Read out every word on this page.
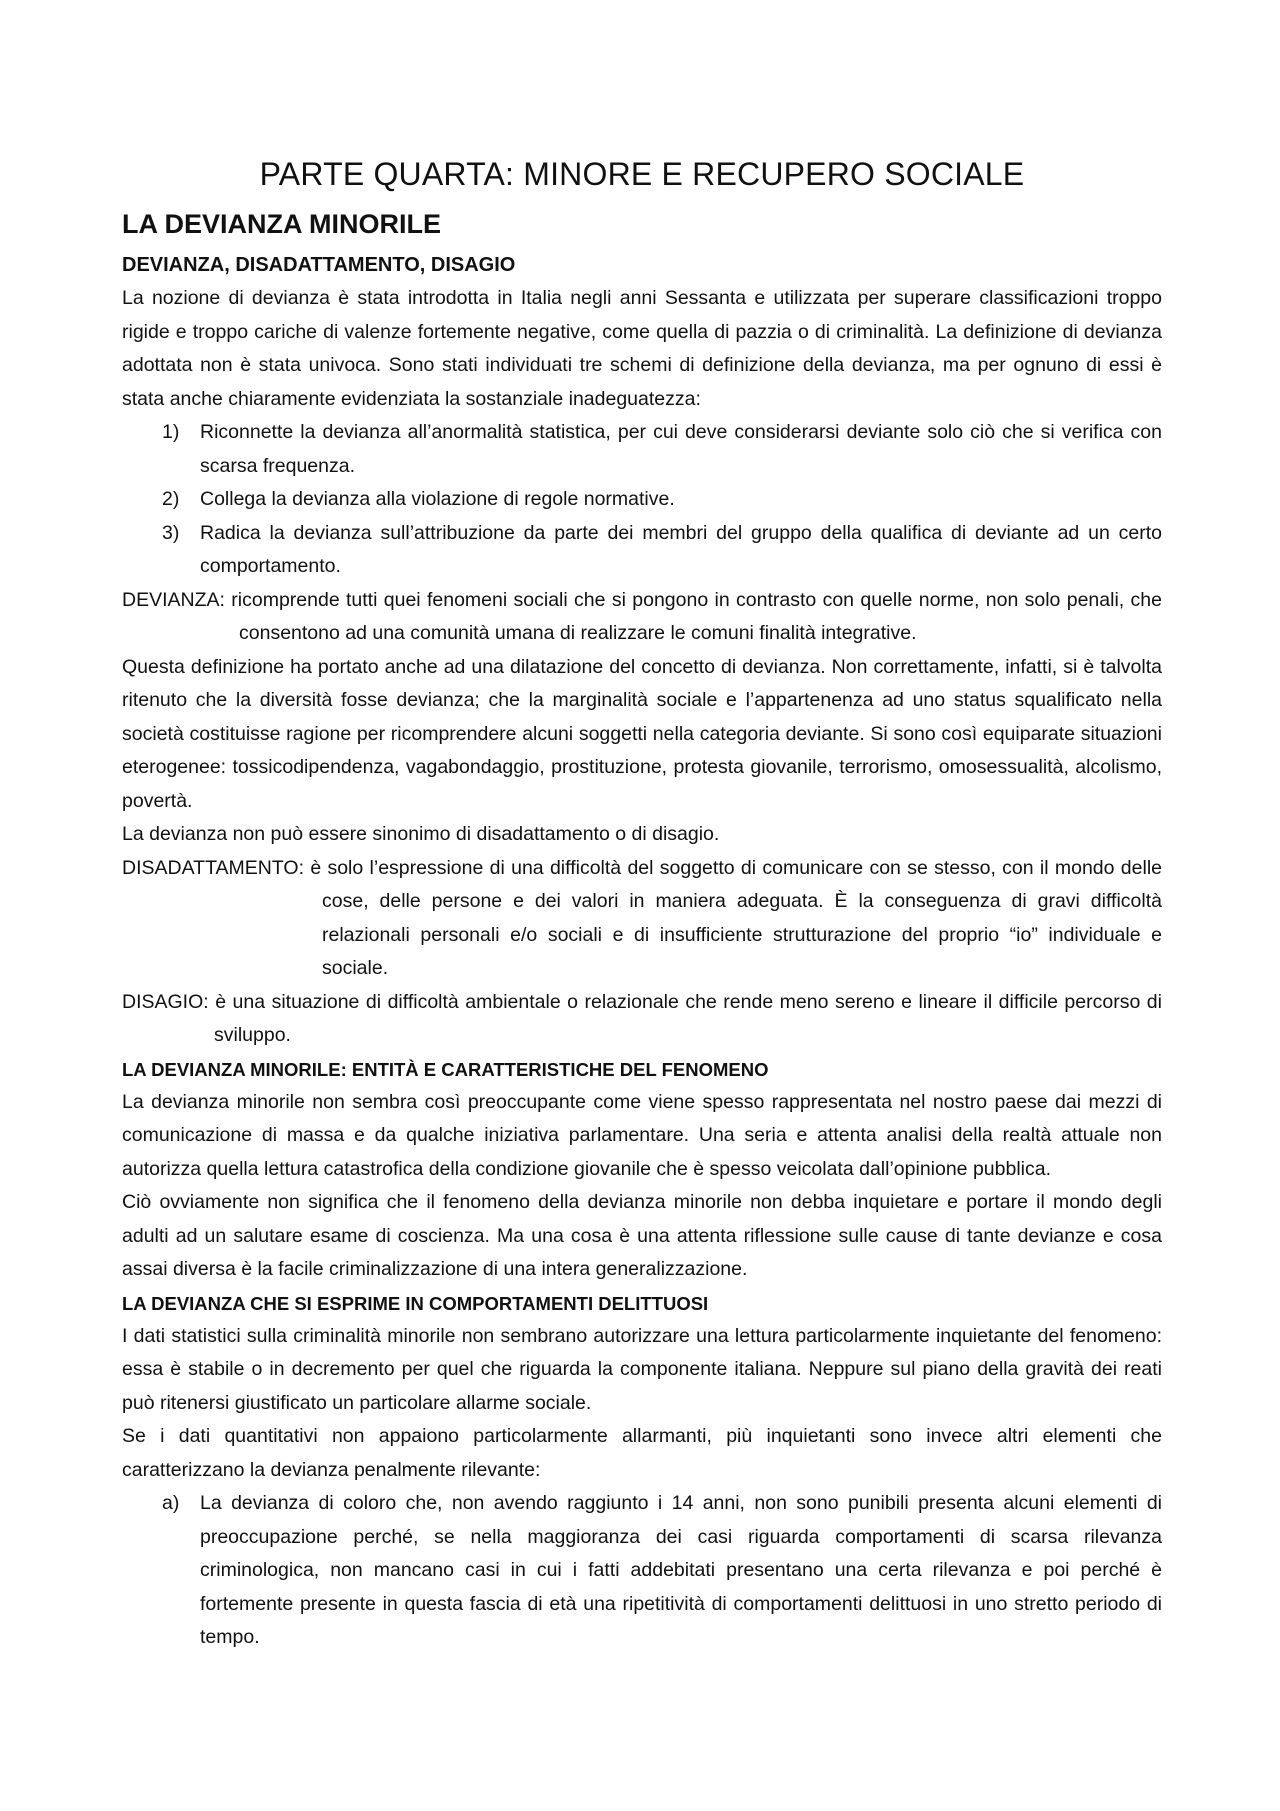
PARTE QUARTA: MINORE E RECUPERO SOCIALE
LA DEVIANZA MINORILE
DEVIANZA, DISADATTAMENTO, DISAGIO

La nozione di devianza è stata introdotta in Italia negli anni Sessanta e utilizzata per superare classificazioni troppo rigide e troppo cariche di valenze fortemente negative, come quella di pazzia o di criminalità. La definizione di devianza adottata non è stata univoca. Sono stati individuati tre schemi di definizione della devianza, ma per ognuno di essi è stata anche chiaramente evidenziata la sostanziale inadeguatezza:

1) Riconnette la devianza all’anormalità statistica, per cui deve considerarsi deviante solo ciò che si verifica con scarsa frequenza.
2) Collega la devianza alla violazione di regole normative.
3) Radica la devianza sull’attribuzione da parte dei membri del gruppo della qualifica di deviante ad un certo comportamento.

DEVIANZA: ricomprende tutti quei fenomeni sociali che si pongono in contrasto con quelle norme, non solo penali, che consentono ad una comunità umana di realizzare le comuni finalità integrative.

Questa definizione ha portato anche ad una dilatazione del concetto di devianza. Non correttamente, infatti, si è talvolta ritenuto che la diversità fosse devianza; che la marginalità sociale e l’appartenenza ad uno status squalificato nella società costituisse ragione per ricomprendere alcuni soggetti nella categoria deviante. Si sono così equiparate situazioni eterogenee: tossicodipendenza, vagabondaggio, prostituzione, protesta giovanile, terrorismo, omosessualità, alcolismo, povertà.

La devianza non può essere sinonimo di disadattamento o di disagio.

DISADATTAMENTO: è solo l’espressione di una difficoltà del soggetto di comunicare con se stesso, con il mondo delle cose, delle persone e dei valori in maniera adeguata. È la conseguenza di gravi difficoltà relazionali personali e/o sociali e di insufficiente strutturazione del proprio “io” individuale e sociale.

DISAGIO: è una situazione di difficoltà ambientale o relazionale che rende meno sereno e lineare il difficile percorso di sviluppo.

LA DEVIANZA MINORILE: ENTITÀ E CARATTERISTICHE DEL FENOMENO

La devianza minorile non sembra così preoccupante come viene spesso rappresentata nel nostro paese dai mezzi di comunicazione di massa e da qualche iniziativa parlamentare. Una seria e attenta analisi della realtà attuale non autorizza quella lettura catastrofica della condizione giovanile che è spesso veicolata dall’opinione pubblica.

Ciò ovviamente non significa che il fenomeno della devianza minorile non debba inquietare e portare il mondo degli adulti ad un salutare esame di coscienza. Ma una cosa è una attenta riflessione sulle cause di tante devianze e cosa assai diversa è la facile criminalizzazione di una intera generalizzazione.

LA DEVIANZA CHE SI ESPRIME IN COMPORTAMENTI DELITTUOSI

I dati statistici sulla criminalità minorile non sembrano autorizzare una lettura particolarmente inquietante del fenomeno: essa è stabile o in decremento per quel che riguarda la componente italiana. Neppure sul piano della gravità dei reati può ritenersi giustificato un particolare allarme sociale.

Se i dati quantitativi non appaiono particolarmente allarmanti, più inquietanti sono invece altri elementi che caratterizzano la devianza penalmente rilevante:

a) La devianza di coloro che, non avendo raggiunto i 14 anni, non sono punibili presenta alcuni elementi di preoccupazione perché, se nella maggioranza dei casi riguarda comportamenti di scarsa rilevanza criminologica, non mancano casi in cui i fatti addebitati presentano una certa rilevanza e poi perché è fortemente presente in questa fascia di età una ripetitività di comportamenti delittuosi in uno stretto periodo di tempo.
